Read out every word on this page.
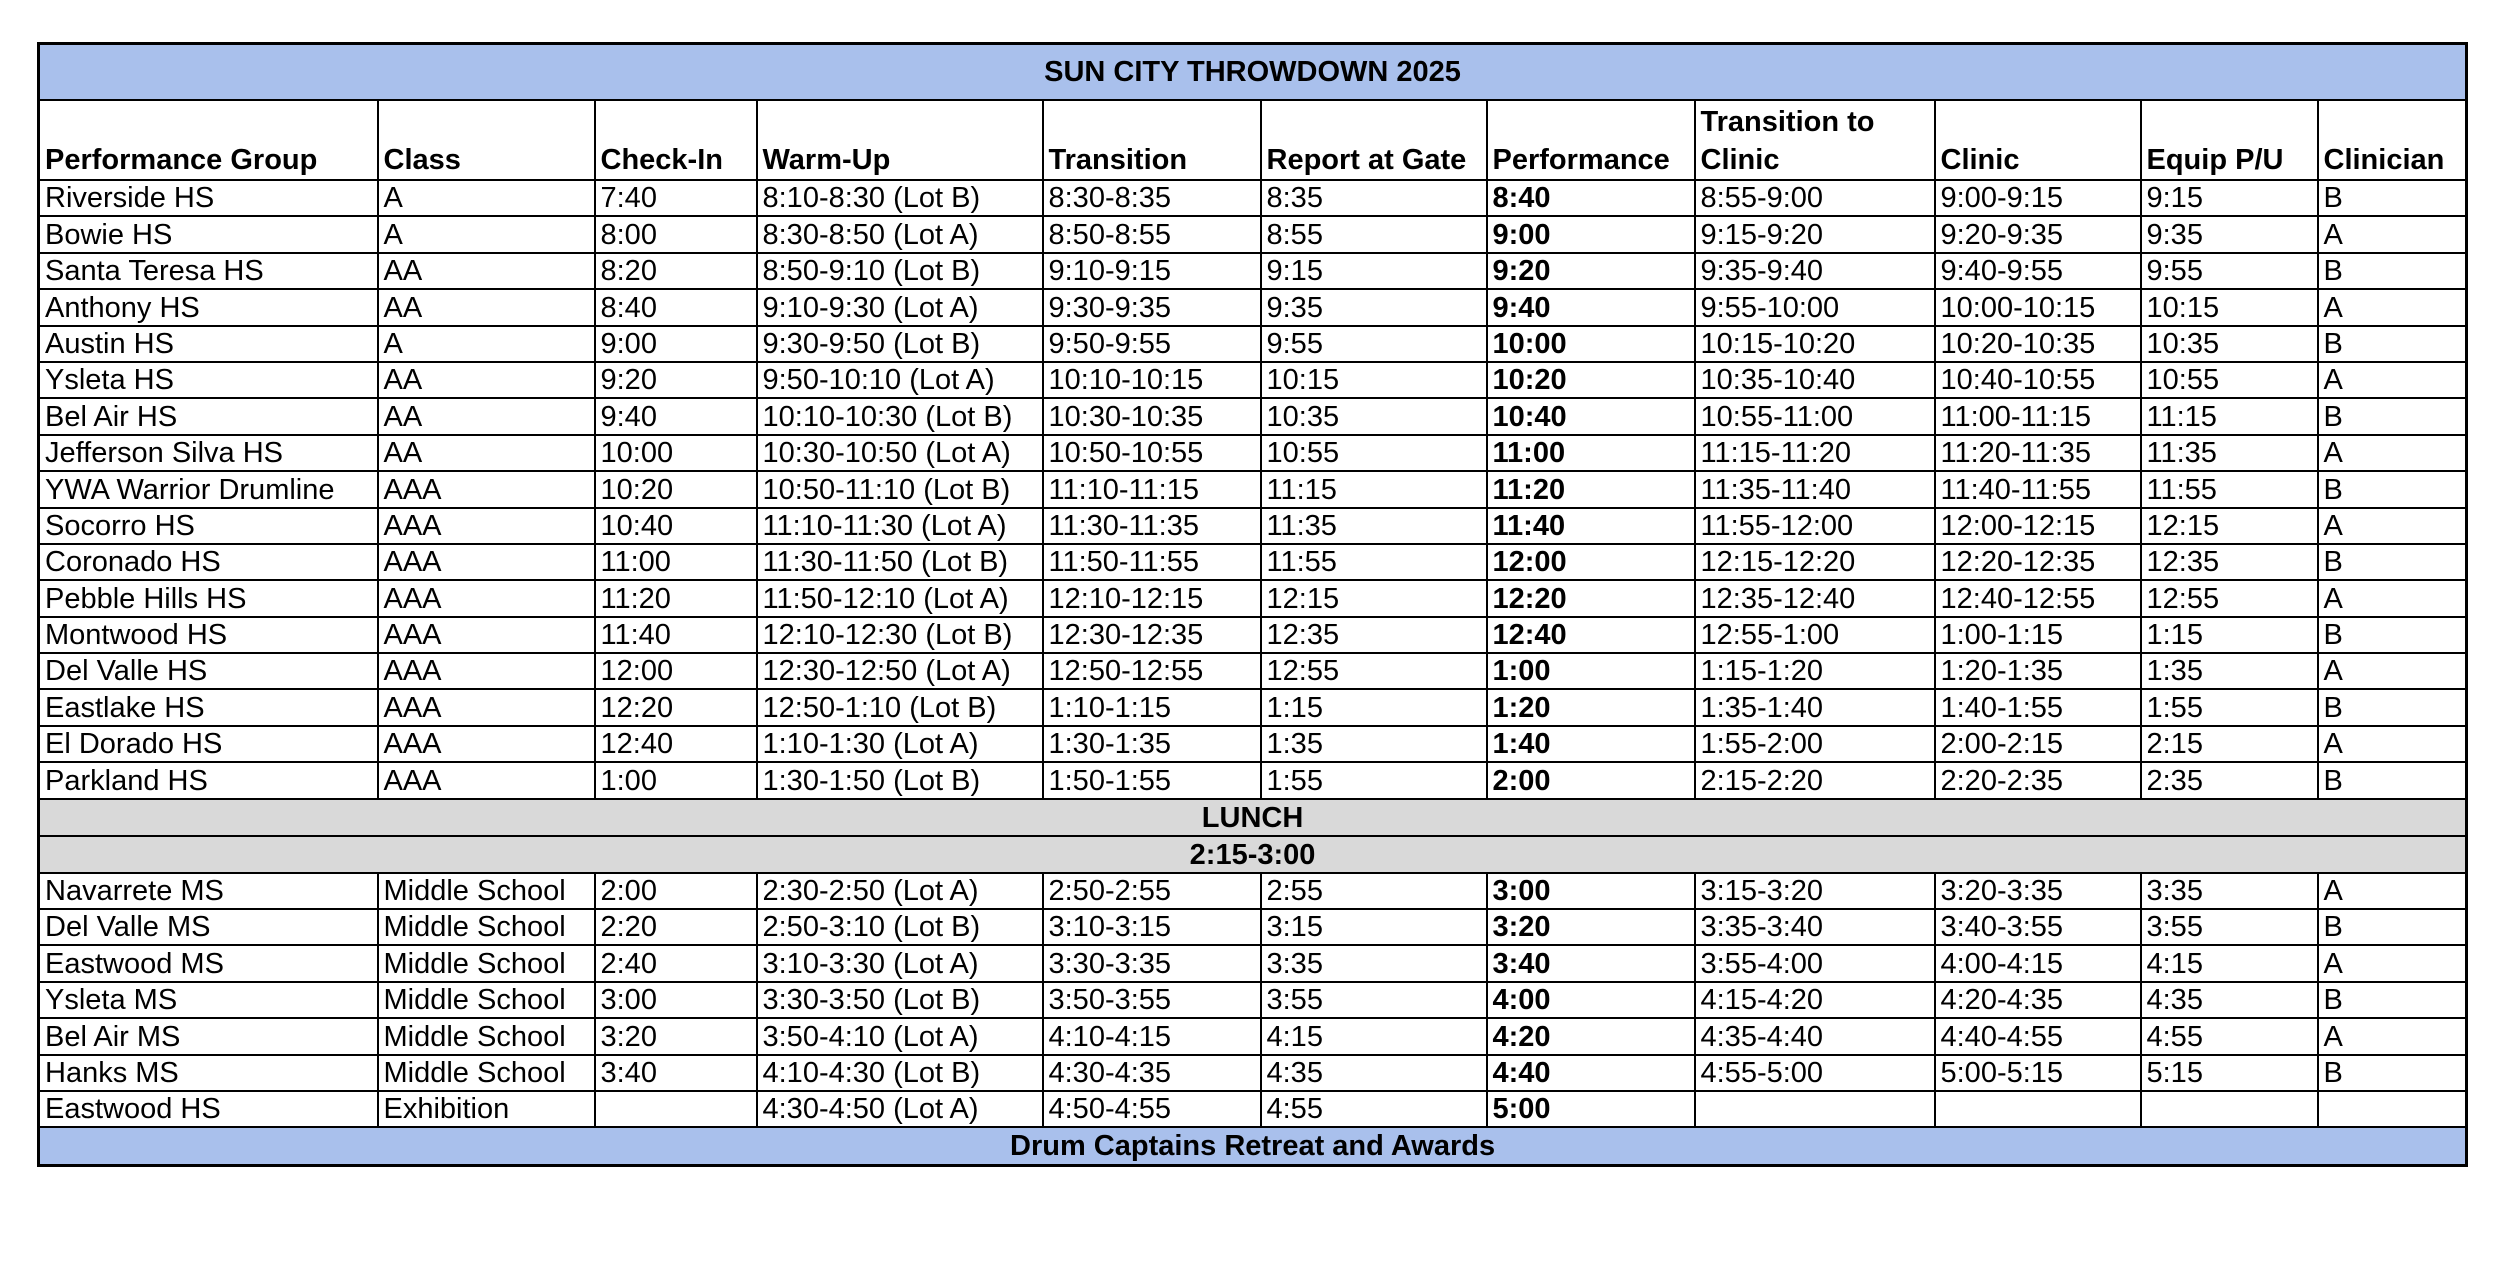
SUN CITY THROWDOWN 2025										
Performance Group	Class	Check-In	Warm-Up	Transition	Report at Gate	Performance	Transition to Clinic	Clinic	Equip P/U	Clinician
Riverside HS	A	7:40	8:10-8:30 (Lot B)	8:30-8:35	8:35	8:40	8:55-9:00	9:00-9:15	9:15	B
Bowie HS	A	8:00	8:30-8:50 (Lot A)	8:50-8:55	8:55	9:00	9:15-9:20	9:20-9:35	9:35	A
Santa Teresa HS	AA	8:20	8:50-9:10 (Lot B)	9:10-9:15	9:15	9:20	9:35-9:40	9:40-9:55	9:55	B
Anthony HS	AA	8:40	9:10-9:30 (Lot A)	9:30-9:35	9:35	9:40	9:55-10:00	10:00-10:15	10:15	A
Austin HS	A	9:00	9:30-9:50 (Lot B)	9:50-9:55	9:55	10:00	10:15-10:20	10:20-10:35	10:35	B
Ysleta HS	AA	9:20	9:50-10:10 (Lot A)	10:10-10:15	10:15	10:20	10:35-10:40	10:40-10:55	10:55	A
Bel Air HS	AA	9:40	10:10-10:30 (Lot B)	10:30-10:35	10:35	10:40	10:55-11:00	11:00-11:15	11:15	B
Jefferson Silva HS	AA	10:00	10:30-10:50 (Lot A)	10:50-10:55	10:55	11:00	11:15-11:20	11:20-11:35	11:35	A
YWA Warrior Drumline	AAA	10:20	10:50-11:10 (Lot B)	11:10-11:15	11:15	11:20	11:35-11:40	11:40-11:55	11:55	B
Socorro HS	AAA	10:40	11:10-11:30 (Lot A)	11:30-11:35	11:35	11:40	11:55-12:00	12:00-12:15	12:15	A
Coronado HS	AAA	11:00	11:30-11:50 (Lot B)	11:50-11:55	11:55	12:00	12:15-12:20	12:20-12:35	12:35	B
Pebble Hills HS	AAA	11:20	11:50-12:10 (Lot A)	12:10-12:15	12:15	12:20	12:35-12:40	12:40-12:55	12:55	A
Montwood HS	AAA	11:40	12:10-12:30 (Lot B)	12:30-12:35	12:35	12:40	12:55-1:00	1:00-1:15	1:15	B
Del Valle HS	AAA	12:00	12:30-12:50 (Lot A)	12:50-12:55	12:55	1:00	1:15-1:20	1:20-1:35	1:35	A
Eastlake HS	AAA	12:20	12:50-1:10 (Lot B)	1:10-1:15	1:15	1:20	1:35-1:40	1:40-1:55	1:55	B
El Dorado HS	AAA	12:40	1:10-1:30 (Lot A)	1:30-1:35	1:35	1:40	1:55-2:00	2:00-2:15	2:15	A
Parkland HS	AAA	1:00	1:30-1:50 (Lot B)	1:50-1:55	1:55	2:00	2:15-2:20	2:20-2:35	2:35	B
LUNCH										
2:15-3:00										
Navarrete MS	Middle School	2:00	2:30-2:50 (Lot A)	2:50-2:55	2:55	3:00	3:15-3:20	3:20-3:35	3:35	A
Del Valle MS	Middle School	2:20	2:50-3:10 (Lot B)	3:10-3:15	3:15	3:20	3:35-3:40	3:40-3:55	3:55	B
Eastwood MS	Middle School	2:40	3:10-3:30 (Lot A)	3:30-3:35	3:35	3:40	3:55-4:00	4:00-4:15	4:15	A
Ysleta MS	Middle School	3:00	3:30-3:50 (Lot B)	3:50-3:55	3:55	4:00	4:15-4:20	4:20-4:35	4:35	B
Bel Air MS	Middle School	3:20	3:50-4:10 (Lot A)	4:10-4:15	4:15	4:20	4:35-4:40	4:40-4:55	4:55	A
Hanks MS	Middle School	3:40	4:10-4:30 (Lot B)	4:30-4:35	4:35	4:40	4:55-5:00	5:00-5:15	5:15	B
Eastwood HS	Exhibition		4:30-4:50 (Lot A)	4:50-4:55	4:55	5:00				
Drum Captains Retreat and Awards										
